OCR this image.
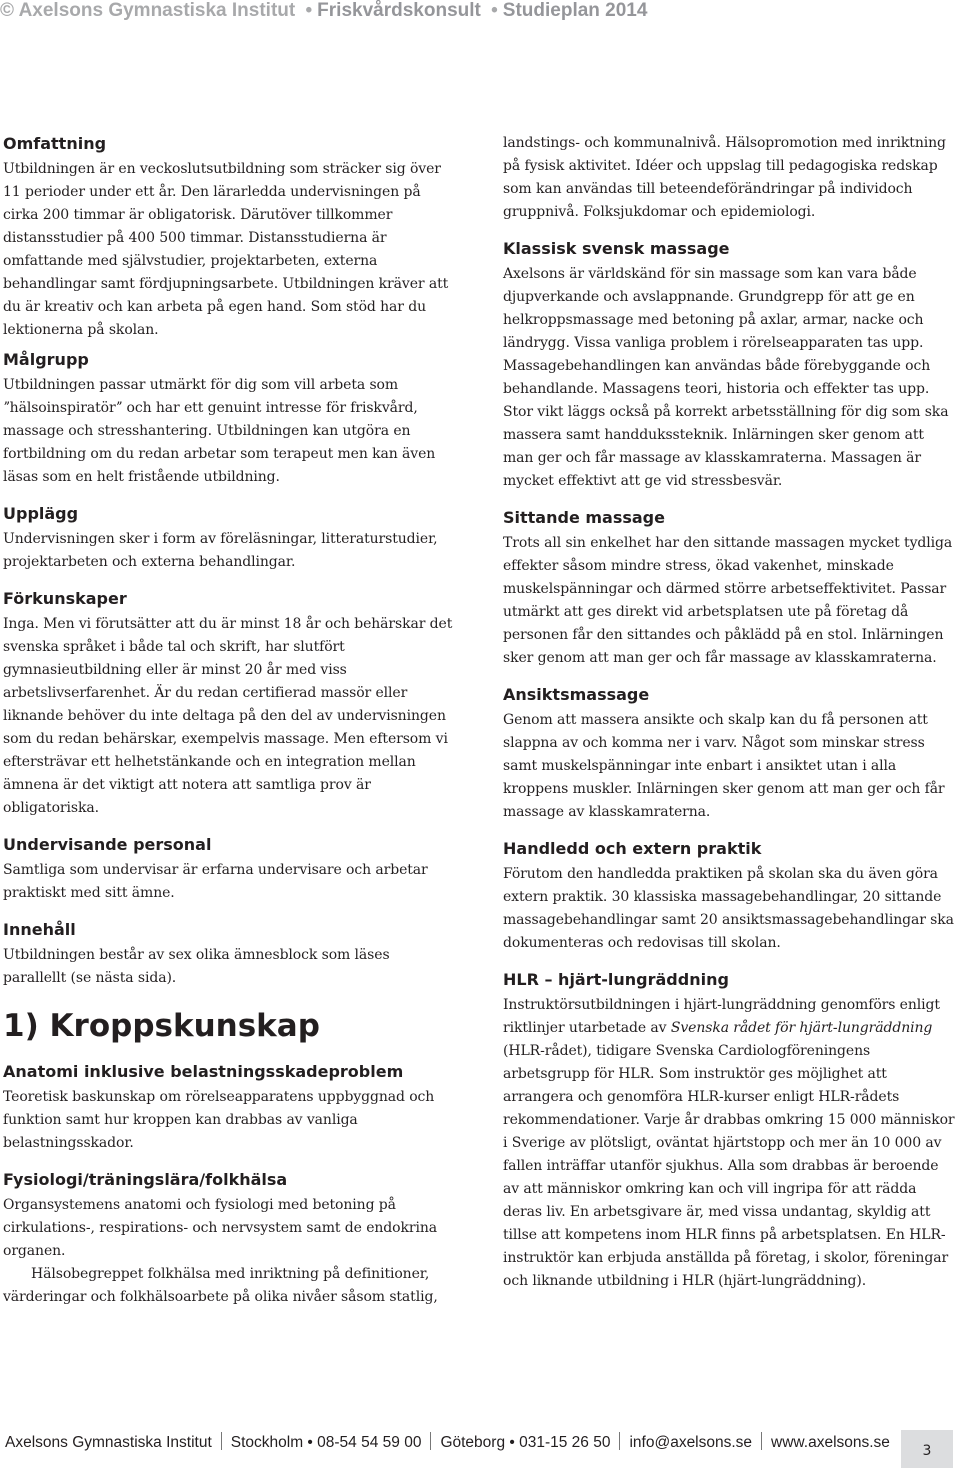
© Axelsons Gymnastiska Institut • Friskvårdskonsult • Studieplan 2014
Omfattning

Utbildningen är en veckoslutsutbildning som sträcker sig över 11 perioder under ett år. Den lärarledda undervisningen på cirka 200 timmar är obligatorisk. Därutöver tillkommer distansstudier på 400 500 timmar. Distansstudierna är omfattande med självstudier, projektarbeten, externa behandlingar samt fördjupningsarbete. Utbildningen kräver att du är kreativ och kan arbeta på egen hand. Som stöd har du lektionerna på skolan.

Målgrupp

Utbildningen passar utmärkt för dig som vill arbeta som ˮhälsoinspiratörˮ och har ett genuint intresse för friskvård, massage och stresshantering. Utbildningen kan utgöra en fortbildning om du redan arbetar som terapeut men kan även läsas som en helt fristående utbildning.

Upplägg

Undervisningen sker i form av föreläsningar, litteraturstudier, projektarbeten och externa behandlingar.

Förkunskaper

Inga. Men vi förutsätter att du är minst 18 år och behärskar det svenska språket i både tal och skrift, har slutfört gymnasieutbildning eller är minst 20 år med viss arbetslivserfarenhet. Är du redan certifierad massör eller liknande behöver du inte deltaga på den del av undervisningen som du redan behärskar, exempelvis massage. Men eftersom vi eftersträvar ett helhetstänkande och en integration mellan ämnena är det viktigt att notera att samtliga prov är obligatoriska.

Undervisande personal

Samtliga som undervisar är erfarna undervisare och arbetar praktiskt med sitt ämne.

Innehåll

Utbildningen består av sex olika ämnesblock som läses parallellt (se nästa sida).

1) Kroppskunskap
Anatomi inklusive belastningsskadeproblem

Teoretisk baskunskap om rörelseapparatens uppbyggnad och funktion samt hur kroppen kan drabbas av vanliga belastningsskador.

Fysiologi/träningslära/folkhälsa

Organsystemens anatomi och fysiologi med betoning på cirkulations-, respirations- och nervsystem samt de endokrina organen.

Hälsobegreppet folkhälsa med inriktning på definitioner, värderingar och folkhälsoarbete på olika nivåer såsom statlig,

landstings- och kommunalnivå. Hälsopromotion med inriktning på fysisk aktivitet. Idéer och uppslag till pedagogiska redskap som kan användas till beteendeförändringar på individoch gruppnivå. Folksjukdomar och epidemiologi.

Klassisk svensk massage

Axelsons är världskänd för sin massage som kan vara både djupverkande och avslappnande. Grundgrepp för att ge en helkroppsmassage med betoning på axlar, armar, nacke och ländrygg. Vissa vanliga problem i rörelseapparaten tas upp. Massagebehandlingen kan användas både förebyggande och behandlande. Massagens teori, historia och effekter tas upp. Stor vikt läggs också på korrekt arbetsställning för dig som ska massera samt handdukssteknik. Inlärningen sker genom att man ger och får massage av klasskamraterna. Massagen är mycket effektivt att ge vid stressbesvär.

Sittande massage

Trots all sin enkelhet har den sittande massagen mycket tydliga effekter såsom mindre stress, ökad vakenhet, minskade muskelspänningar och därmed större arbetseffektivitet. Passar utmärkt att ges direkt vid arbetsplatsen ute på företag då personen får den sittandes och påklädd på en stol. Inlärningen sker genom att man ger och får massage av klasskamraterna.

Ansiktsmassage

Genom att massera ansikte och skalp kan du få personen att slappna av och komma ner i varv. Något som minskar stress samt muskelspänningar inte enbart i ansiktet utan i alla kroppens muskler. Inlärningen sker genom att man ger och får massage av klasskamraterna.

Handledd och extern praktik

Förutom den handledda praktiken på skolan ska du även göra extern praktik. 30 klassiska massagebehandlingar, 20 sittande massagebehandlingar samt 20 ansiktsmassagebehandlingar ska dokumenteras och redovisas till skolan.

HLR – hjärt-lungräddning

Instruktörsutbildningen i hjärt-lungräddning genomförs enligt riktlinjer utarbetade av Svenska rådet för hjärt-lungräddning (HLR-rådet), tidigare Svenska Cardiologföreningens arbetsgrupp för HLR. Som instruktör ges möjlighet att arrangera och genomföra HLR-kurser enligt HLR-rådets rekommendationer. Varje år drabbas omkring 15 000 människor i Sverige av plötsligt, oväntat hjärtstopp och mer än 10 000 av fallen inträffar utanför sjukhus. Alla som drabbas är beroende av att människor omkring kan och vill ingripa för att rädda deras liv. En arbetsgivare är, med vissa undantag, skyldig att tillse att kompetens inom HLR finns på arbetsplatsen. En HLR-instruktör kan erbjuda anställda på företag, i skolor, föreningar och liknande utbildning i HLR (hjärt-lungräddning).

Axelsons Gymnastiska Institut Stockholm • 08-54 54 59 00 Göteborg • 031-15 26 50 info@axelsons.se www.axelsons.se	3
